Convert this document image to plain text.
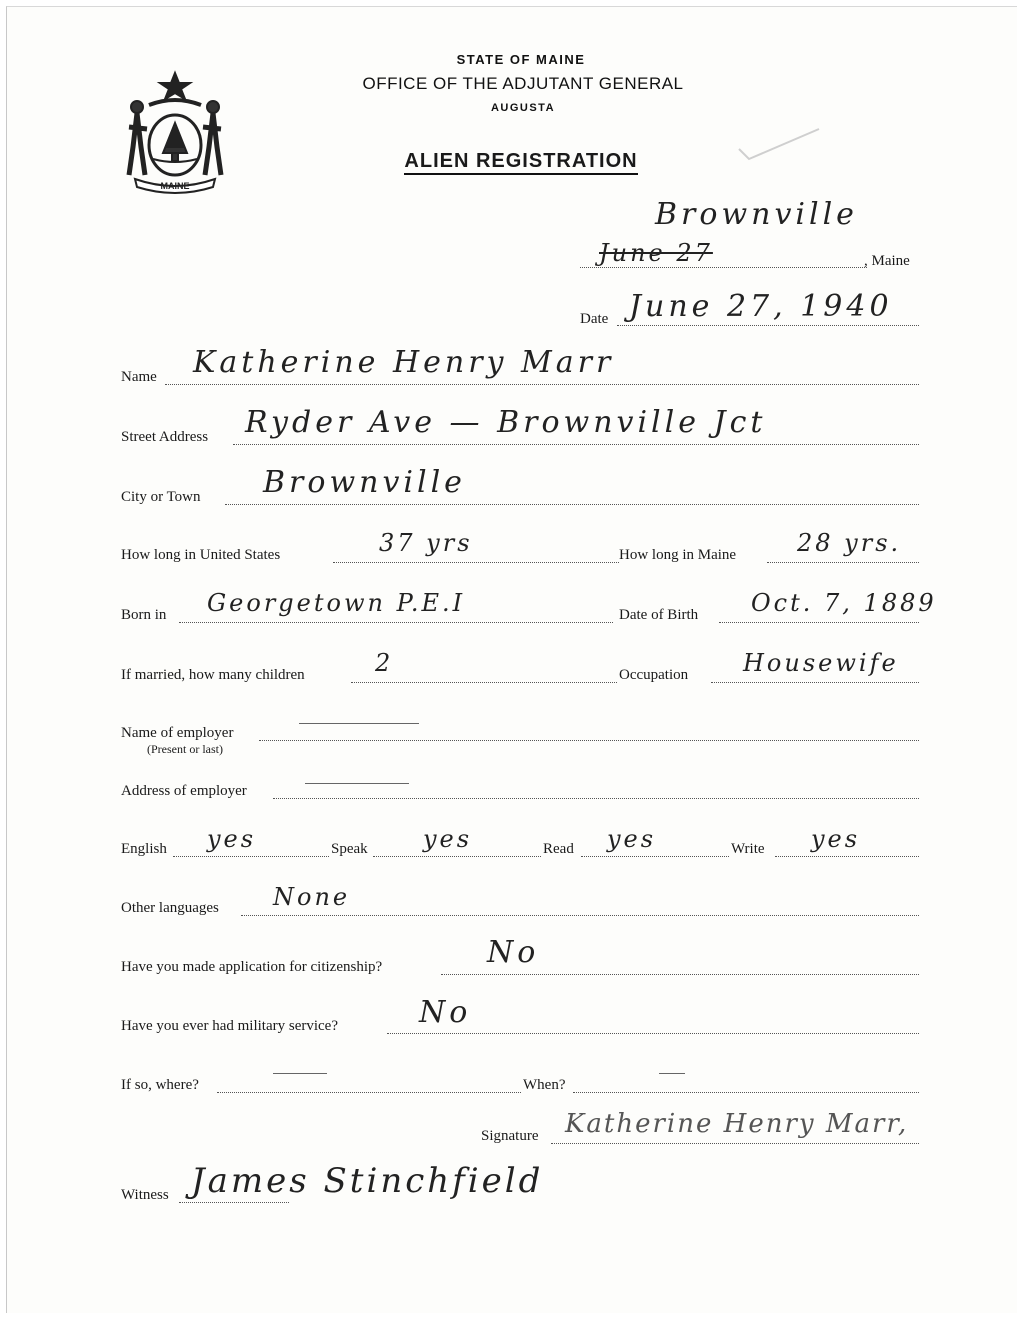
MAINE
STATE OF MAINE
OFFICE OF THE ADJUTANT GENERAL
AUGUSTA
ALIEN REGISTRATION
Brownville
June 27	, Maine
Date June 27, 1940
Name Katherine Henry Marr
Street Address Ryder Ave — Brownville Jct
City or Town Brownville
How long in United States	37 yrs	How long in Maine	28 yrs.
Born in Georgetown P.E.I	Date of Birth Oct. 7, 1889
If married, how many children	2	Occupation Housewife
Name of employer
(Present or last)
Address of employer
English yes	Speak yes	Read yes	Write yes
Other languages None
Have you made application for citizenship?	No
Have you ever had military service?	No
If so, where?	When?
Signature Katherine Henry Marr,
Witness James Stinchfield
